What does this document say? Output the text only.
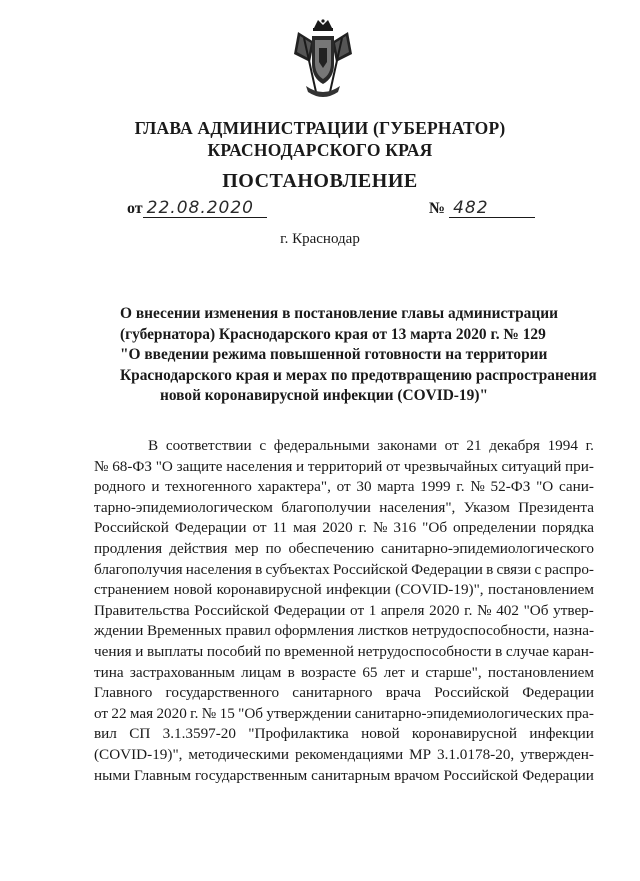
ГЛАВА АДМИНИСТРАЦИИ (ГУБЕРНАТОР)
КРАСНОДАРСКОГО КРАЯ
ПОСТАНОВЛЕНИЕ
от 22.08.2020	№ 482
г. Краснодар
О внесении изменения в постановление главы администрации
(губернатора) Краснодарского края от 13 марта 2020 г. № 129
"О введении режима повышенной готовности на территории
Краснодарского края и мерах по предотвращению распространения
новой коронавирусной инфекции (COVID-19)"
В соответствии с федеральными законами от 21 декабря 1994 г.
№ 68-ФЗ "О защите населения и территорий от чрезвычайных ситуаций при-
родного и техногенного характера", от 30 марта 1999 г. № 52-ФЗ "О сани-
тарно-эпидемиологическом благополучии населения", Указом Президента
Российской Федерации от 11 мая 2020 г. № 316 "Об определении порядка
продления действия мер по обеспечению санитарно-эпидемиологического
благополучия населения в субъектах Российской Федерации в связи с распро-
странением новой коронавирусной инфекции (COVID-19)", постановлением
Правительства Российской Федерации от 1 апреля 2020 г. № 402 "Об утвер-
ждении Временных правил оформления листков нетрудоспособности, назна-
чения и выплаты пособий по временной нетрудоспособности в случае каран-
тина застрахованным лицам в возрасте 65 лет и старше", постановлением
Главного государственного санитарного врача Российской Федерации
от 22 мая 2020 г. № 15 "Об утверждении санитарно-эпидемиологических пра-
вил СП 3.1.3597-20 "Профилактика новой коронавирусной инфекции
(COVID-19)", методическими рекомендациями МР 3.1.0178-20, утвержден-
ными Главным государственным санитарным врачом Российской Федерации
